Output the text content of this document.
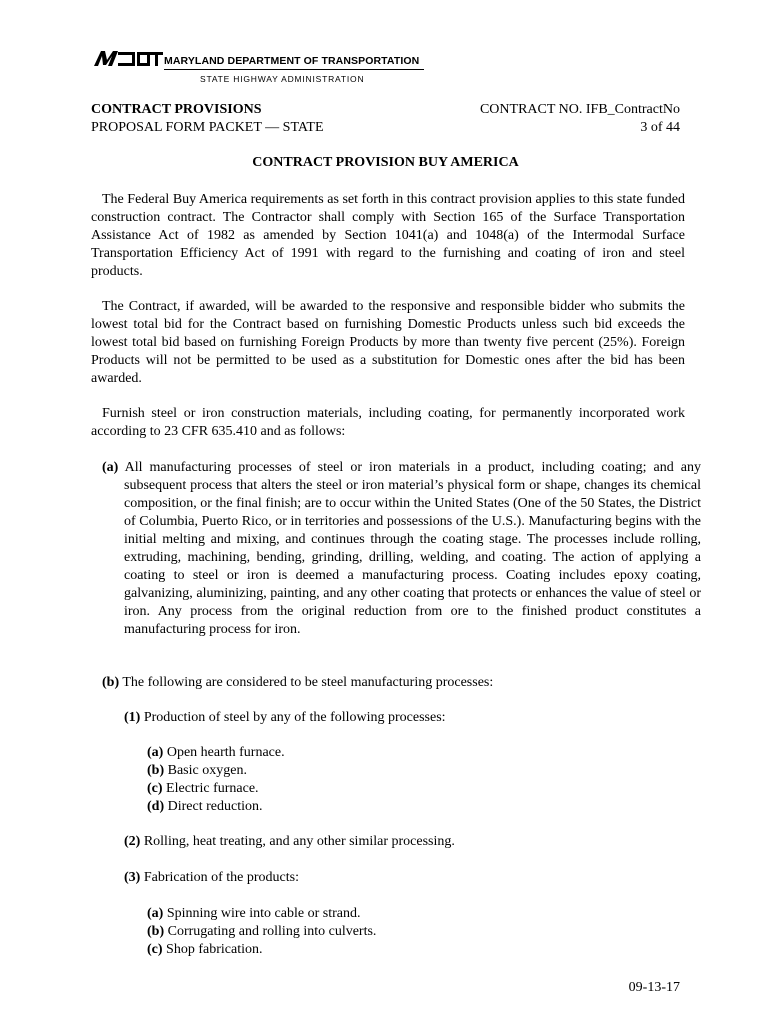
MARYLAND DEPARTMENT OF TRANSPORTATION
STATE HIGHWAY ADMINISTRATION
CONTRACT PROVISIONS
PROPOSAL FORM PACKET — STATE
CONTRACT NO. IFB_ContractNo
3 of 44
CONTRACT PROVISION BUY AMERICA
The Federal Buy America requirements as set forth in this contract provision applies to this state funded construction contract. The Contractor shall comply with Section 165 of the Surface Transportation Assistance Act of 1982 as amended by Section 1041(a) and 1048(a) of the Intermodal Surface Transportation Efficiency Act of 1991 with regard to the furnishing and coating of iron and steel products.
The Contract, if awarded, will be awarded to the responsive and responsible bidder who submits the lowest total bid for the Contract based on furnishing Domestic Products unless such bid exceeds the lowest total bid based on furnishing Foreign Products by more than twenty five percent (25%). Foreign Products will not be permitted to be used as a substitution for Domestic ones after the bid has been awarded.
Furnish steel or iron construction materials, including coating, for permanently incorporated work according to 23 CFR 635.410 and as follows:
(a) All manufacturing processes of steel or iron materials in a product, including coating; and any subsequent process that alters the steel or iron material’s physical form or shape, changes its chemical composition, or the final finish; are to occur within the United States (One of the 50 States, the District of Columbia, Puerto Rico, or in territories and possessions of the U.S.). Manufacturing begins with the initial melting and mixing, and continues through the coating stage. The processes include rolling, extruding, machining, bending, grinding, drilling, welding, and coating. The action of applying a coating to steel or iron is deemed a manufacturing process. Coating includes epoxy coating, galvanizing, aluminizing, painting, and any other coating that protects or enhances the value of steel or iron. Any process from the original reduction from ore to the finished product constitutes a manufacturing process for iron.
(b) The following are considered to be steel manufacturing processes:
(1) Production of steel by any of the following processes:
(a) Open hearth furnace.
(b) Basic oxygen.
(c) Electric furnace.
(d) Direct reduction.
(2) Rolling, heat treating, and any other similar processing.
(3) Fabrication of the products:
(a) Spinning wire into cable or strand.
(b) Corrugating and rolling into culverts.
(c) Shop fabrication.
09-13-17
